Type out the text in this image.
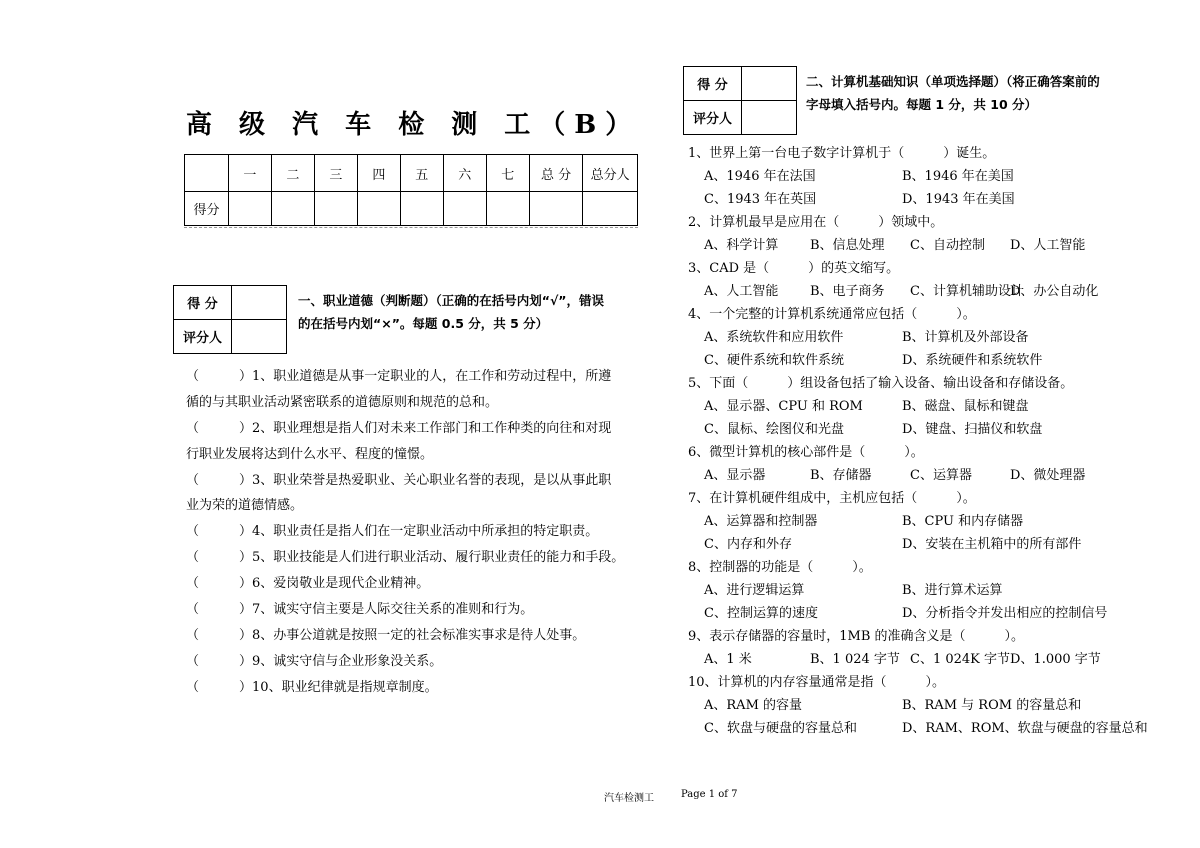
高 级 汽 车 检 测 工（B）
	一	二	三	四	五	六	七	总 分	总分人
得分									
得 分	
评分人	
一、职业道德（判断题）（正确的在括号内划“√”，错误
的在括号内划“×”。每题 0.5 分，共 5 分）
（	）1、职业道德是从事一定职业的人，在工作和劳动过程中，所遵
循的与其职业活动紧密联系的道德原则和规范的总和。
（	）2、职业理想是指人们对未来工作部门和工作种类的向往和对现
行职业发展将达到什么水平、程度的憧憬。
（	）3、职业荣誉是热爱职业、关心职业名誉的表现，是以从事此职
业为荣的道德情感。
（	）4、职业责任是指人们在一定职业活动中所承担的特定职责。
（	）5、职业技能是人们进行职业活动、履行职业责任的能力和手段。
（	）6、爱岗敬业是现代企业精神。
（	）7、诚实守信主要是人际交往关系的准则和行为。
（	）8、办事公道就是按照一定的社会标准实事求是待人处事。
（	）9、诚实守信与企业形象没关系。
（	）10、职业纪律就是指规章制度。
得 分	
评分人	
二、计算机基础知识（单项选择题）（将正确答案前的
字母填入括号内。每题 1 分，共 10 分）
1、世界上第一台电子数字计算机于（　　　）诞生。
A、1946 年在法国	B、1946 年在美国
C、1943 年在英国	D、1943 年在美国
2、计算机最早是应用在（　　　）领域中。
A、科学计算 B、信息处理 C、自动控制 D、人工智能
3、CAD 是（　　　）的英文缩写。
A、人工智能 B、电子商务 C、计算机辅助设计
D、办公自动化
4、一个完整的计算机系统通常应包括（　　　）。
A、系统软件和应用软件	B、计算机及外部设备
C、硬件系统和软件系统	D、系统硬件和系统软件
5、下面（　　　）组设备包括了输入设备、输出设备和存储设备。
A、显示器、CPU 和 ROM	B、磁盘、鼠标和键盘
C、鼠标、绘图仪和光盘	D、键盘、扫描仪和软盘
6、微型计算机的核心部件是（　　　）。
A、显示器	B、存储器	C、运算器	D、微处理器
7、在计算机硬件组成中，主机应包括（　　　）。
A、运算器和控制器	B、CPU 和内存储器
C、内存和外存	D、安装在主机箱中的所有部件
8、控制器的功能是（　　　）。
A、进行逻辑运算	B、进行算术运算
C、控制运算的速度	D、分析指令并发出相应的控制信号
9、表示存储器的容量时，1MB 的准确含义是（　　　）。
A、1 米	B、1 024 字节 C、1 024K 字节 D、1.000 字节
10、计算机的内存容量通常是指（　　　）。
A、RAM 的容量	B、RAM 与 ROM 的容量总和
C、软盘与硬盘的容量总和	D、RAM、ROM、软盘与硬盘的容量总和
汽车检测工	Page 1 of 7
